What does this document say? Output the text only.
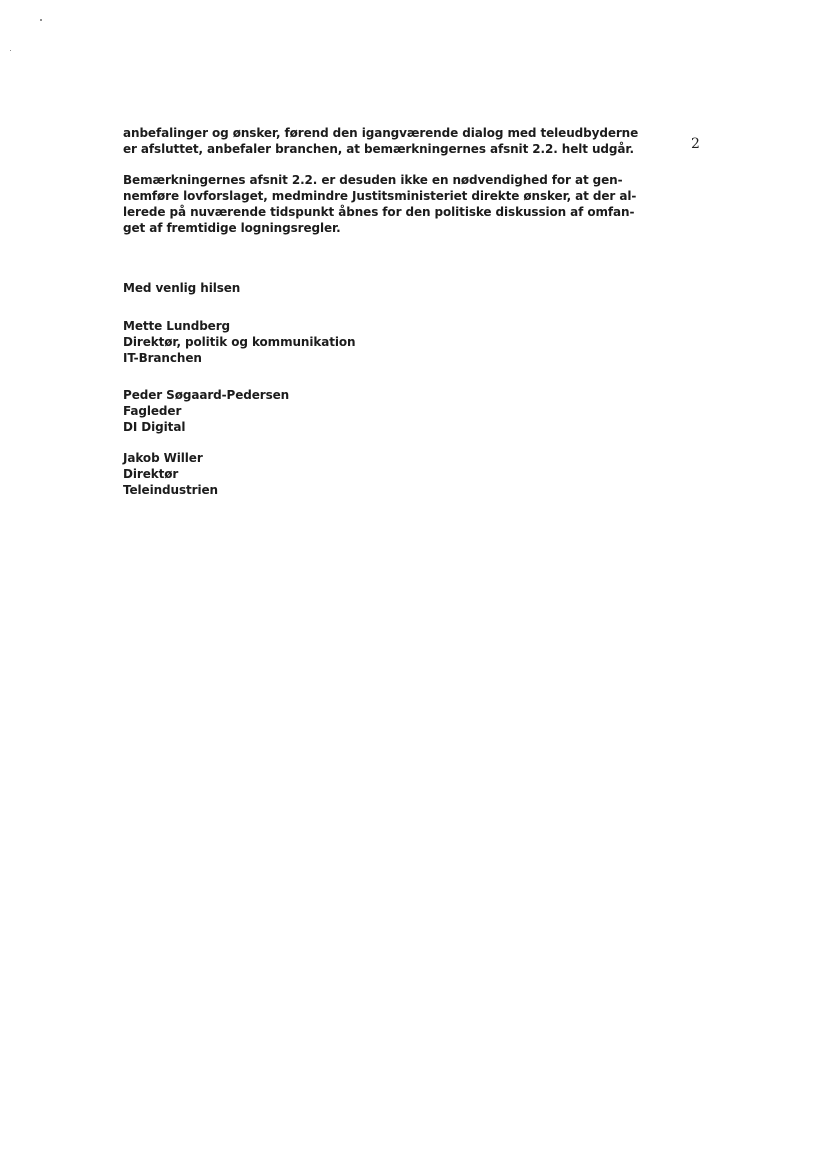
2
anbefalinger og ønsker, førend den igangværende dialog med teleudbyderne
er afsluttet, anbefaler branchen, at bemærkningernes afsnit 2.2. helt udgår.
Bemærkningernes afsnit 2.2. er desuden ikke en nødvendighed for at gen-
nemføre lovforslaget, medmindre Justitsministeriet direkte ønsker, at der al-
lerede på nuværende tidspunkt åbnes for den politiske diskussion af omfan-
get af fremtidige logningsregler.
Med venlig hilsen
Mette Lundberg
Direktør, politik og kommunikation
IT-Branchen
Peder Søgaard-Pedersen
Fagleder
DI Digital
Jakob Willer
Direktør
Teleindustrien
